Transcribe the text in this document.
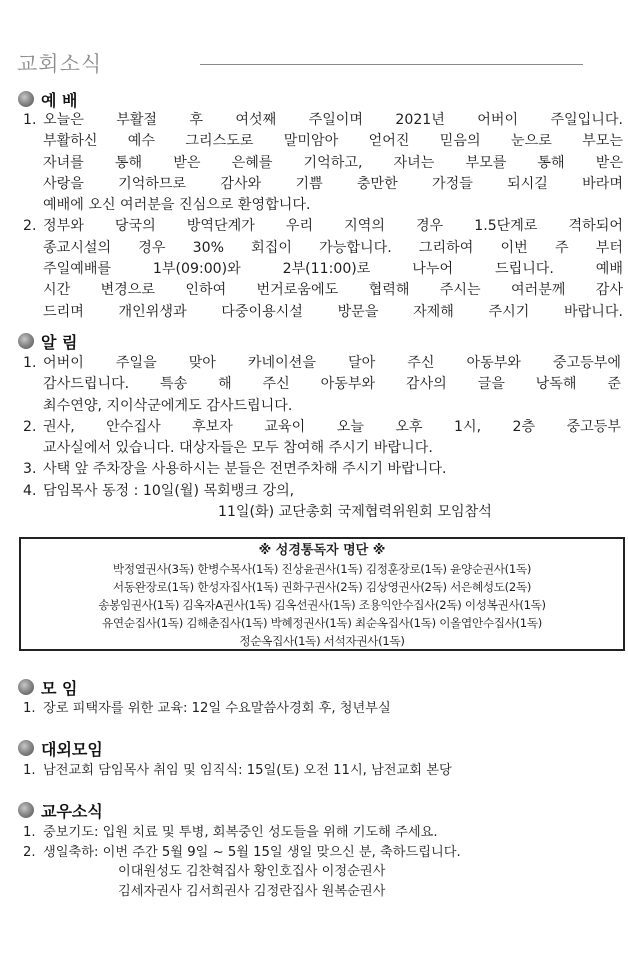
교회소식
예 배
1. 오늘은 부활절 후 여섯째 주일이며 2021년 어버이 주일입니다.
부활하신 예수 그리스도로 말미암아 얻어진 믿음의 눈으로 부모는
자녀를 통해 받은 은혜를 기억하고, 자녀는 부모를 통해 받은
사랑을 기억하므로 감사와 기쁨 충만한 가정들 되시길 바라며
예배에 오신 여러분을 진심으로 환영합니다.
2. 정부와 당국의 방역단계가 우리 지역의 경우 1.5단계로 격하되어
종교시설의 경우 30% 회집이 가능합니다. 그리하여 이번 주 부터
주일예배를 1부(09:00)와 2부(11:00)로 나누어 드립니다. 예배
시간 변경으로 인하여 번거로움에도 협력해 주시는 여러분께 감사
드리며 개인위생과 다중이용시설 방문을 자제해 주시기 바랍니다.
알 림
1. 어버이 주일을 맞아 카네이션을 달아 주신 아동부와 중고등부에
감사드립니다. 특송 해 주신 아동부와 감사의 글을 낭독해 준
최수연양, 지이삭군에게도 감사드립니다.
2. 권사, 안수집사 후보자 교육이 오늘 오후 1시, 2층 중고등부
교사실에서 있습니다. 대상자들은 모두 참여해 주시기 바랍니다.
3. 사택 앞 주차장을 사용하시는 분들은 전면주차해 주시기 바랍니다.
4. 담임목사 동정 : 10일(월) 목회뱅크 강의,
11일(화) 교단총회 국제협력위원회 모임참석
※ 성경통독자 명단 ※
박정열권사(3독) 한병수목사(1독) 진상윤권사(1독) 김정훈장로(1독) 윤양순권사(1독)
서동완장로(1독) 한성자집사(1독) 권화구권사(2독) 김상영권사(2독) 서은혜성도(2독)
송봉임권사(1독) 김옥자A권사(1독) 김옥선권사(1독) 조용익안수집사(2독) 이성복권사(1독)
유연순집사(1독) 김해춘집사(1독) 박혜정권사(1독) 최순옥집사(1독) 이올엽안수집사(1독)
정순옥집사(1독) 서석자권사(1독)
모 임
1. 장로 피택자를 위한 교육: 12일 수요말씀사경회 후, 청년부실
대외모임
1. 남전교회 담임목사 취임 및 임직식: 15일(토) 오전 11시, 남전교회 본당
교우소식
1. 중보기도: 입원 치료 및 투병, 회복중인 성도들을 위해 기도해 주세요.
2. 생일축하: 이번 주간 5월 9일 ~ 5월 15일 생일 맞으신 분, 축하드립니다.
이대원성도 김찬혁집사 황인호집사 이정순권사
김세자권사 김서희권사 김정란집사 원복순권사
